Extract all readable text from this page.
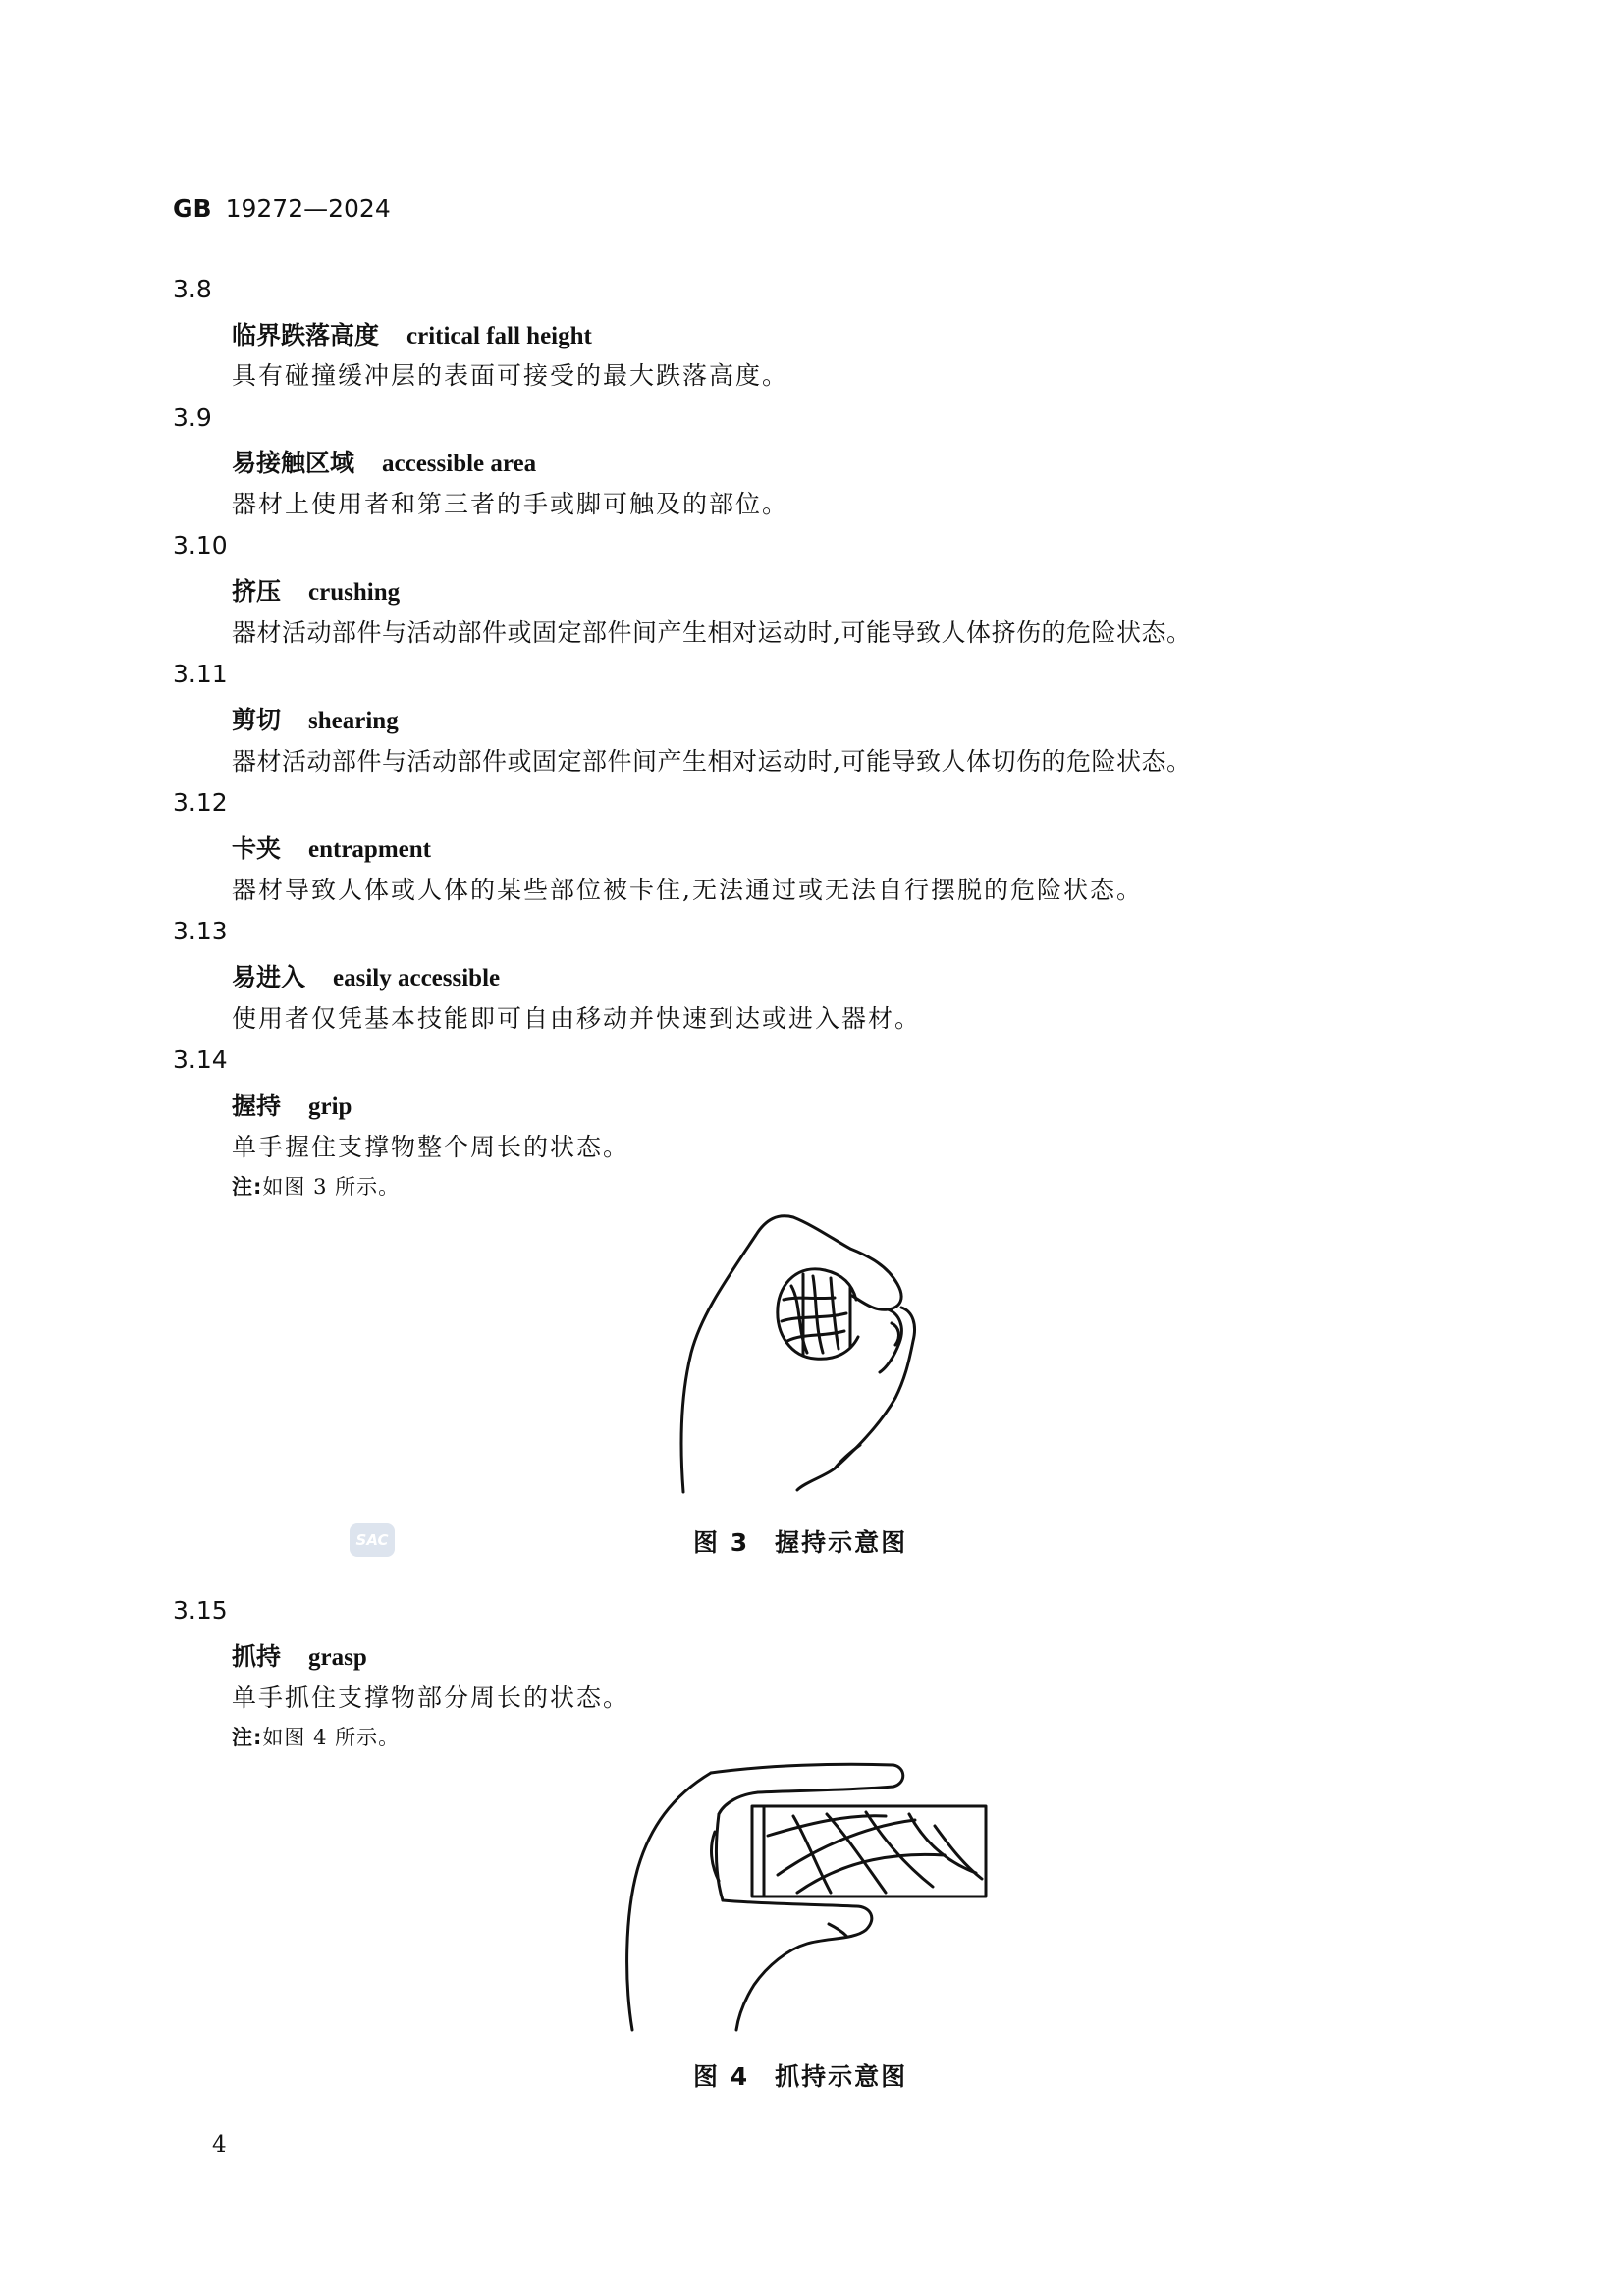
GB 19272—2024
3.8
临界跌落高度 critical fall height
具有碰撞缓冲层的表面可接受的最大跌落高度。
3.9
易接触区域 accessible area
器材上使用者和第三者的手或脚可触及的部位。
3.10
挤压 crushing
器材活动部件与活动部件或固定部件间产生相对运动时,可能导致人体挤伤的危险状态。
3.11
剪切 shearing
器材活动部件与活动部件或固定部件间产生相对运动时,可能导致人体切伤的危险状态。
3.12
卡夹 entrapment
器材导致人体或人体的某些部位被卡住,无法通过或无法自行摆脱的危险状态。
3.13
易进入 easily accessible
使用者仅凭基本技能即可自由移动并快速到达或进入器材。
3.14
握持 grip
单手握住支撑物整个周长的状态。
注:如图 3 所示。
图 3 握持示意图
SAC
3.15
抓持 grasp
单手抓住支撑物部分周长的状态。
注:如图 4 所示。
图 4 抓持示意图
4
